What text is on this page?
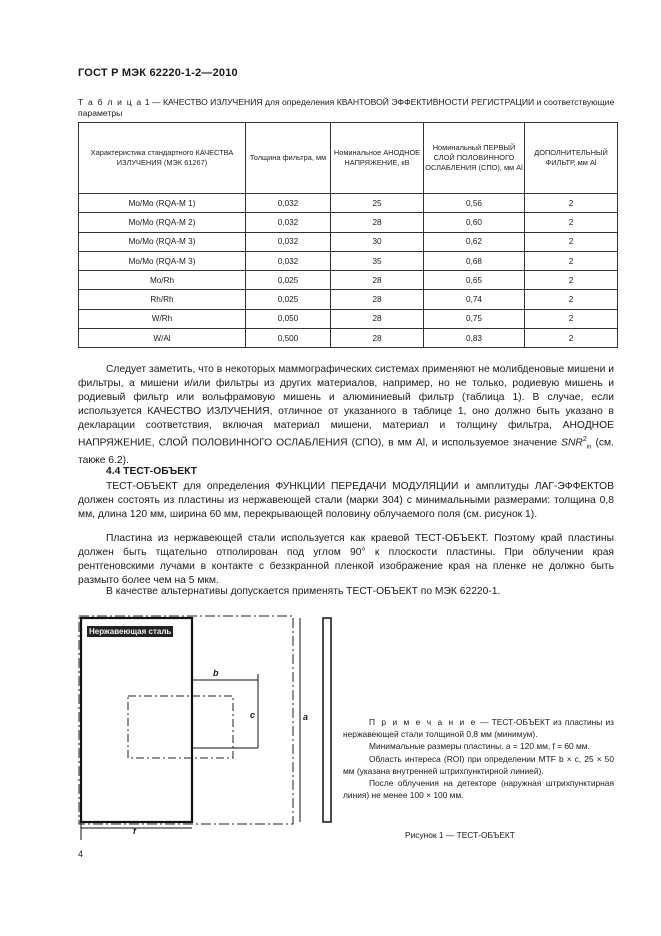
ГОСТ Р МЭК 62220-1-2—2010
Т а б л и ц а 1 — КАЧЕСТВО ИЗЛУЧЕНИЯ для определения КВАНТОВОЙ ЭФФЕКТИВНОСТИ РЕГИСТРАЦИИ и соответствующие параметры
Характеристика стандартного КАЧЕСТВА ИЗЛУЧЕНИЯ (МЭК 61267)	Толщина фильтра, мм	Номинальное АНОДНОЕ НАПРЯЖЕНИЕ, кВ	Номинальный ПЕРВЫЙ СЛОЙ ПОЛОВИННОГО ОСЛАБЛЕНИЯ (СПО), мм Al	ДОПОЛНИТЕЛЬНЫЙ ФИЛЬТР, мм Al
Mo/Mo (RQA-M 1)	0,032	25	0,56	2
Mo/Mo (RQA-M 2)	0,032	28	0,60	2
Mo/Mo (RQA-M 3)	0,032	30	0,62	2
Mo/Mo (RQA-M 3)	0,032	35	0,68	2
Mo/Rh	0,025	28	0,65	2
Rh/Rh	0,025	28	0,74	2
W/Rh	0,050	28	0,75	2
W/Al	0,500	28	0,83	2
Следует заметить, что в некоторых маммографических системах применяют не молибденовые мишени и фильтры, а мишени и/или фильтры из других материалов, например, но не только, родиевую мишень и родиевый фильтр или вольфрамовую мишень и алюминиевый фильтр (таблица 1). В случае, если используется КАЧЕСТВО ИЗЛУЧЕНИЯ, отличное от указанного в таблице 1, оно должно быть указано в декларации соответствия, включая материал мишени, материал и толщину фильтра, АНОДНОЕ НАПРЯЖЕНИЕ, СЛОЙ ПОЛОВИННОГО ОСЛАБЛЕНИЯ (СПО), в мм Al, и используемое значение $SNR^2_{in}$ (см. также 6.2).
4.4 ТЕСТ-ОБЪЕКТ
ТЕСТ-ОБЪЕКТ для определения ФУНКЦИИ ПЕРЕДАЧИ МОДУЛЯЦИИ и амплитуды ЛАГ-ЭФФЕКТОВ должен состоять из пластины из нержавеющей стали (марки 304) с минимальными размерами: толщина 0,8 мм, длина 120 мм, ширина 60 мм, перекрывающей половину облучаемого поля (см. рисунок 1).
Пластина из нержавеющей стали используется как краевой ТЕСТ-ОБЪЕКТ. Поэтому край пластины должен быть тщательно отполирован под углом 90° к плоскости пластины. При облучении края рентгеновскими лучами в контакте с беззкранной пленкой изображение края на пленке не должно быть размыто более чем на 5 мкм.
В качестве альтернативы допускается применять ТЕСТ-ОБЪЕКТ по МЭК 62220-1.
Нержавеющая сталь
b
c	a
f

П р и м е ч а н и е — ТЕСТ-ОБЪЕКТ из пластины из нержавеющей стали толщиной 0,8 мм (минимум).

Минимальные размеры пластины. a = 120 мм, f = 60 мм.

Область интереса (ROI) при определении MTF b × c, 25 × 50 мм (указана внутренней штрихпунктирной линией).

После облучения на детекторе (наружная штрихпунктирная линия) не менее 100 × 100 мм.

Рисунок 1 — ТЕСТ-ОБЪЕКТ
4
